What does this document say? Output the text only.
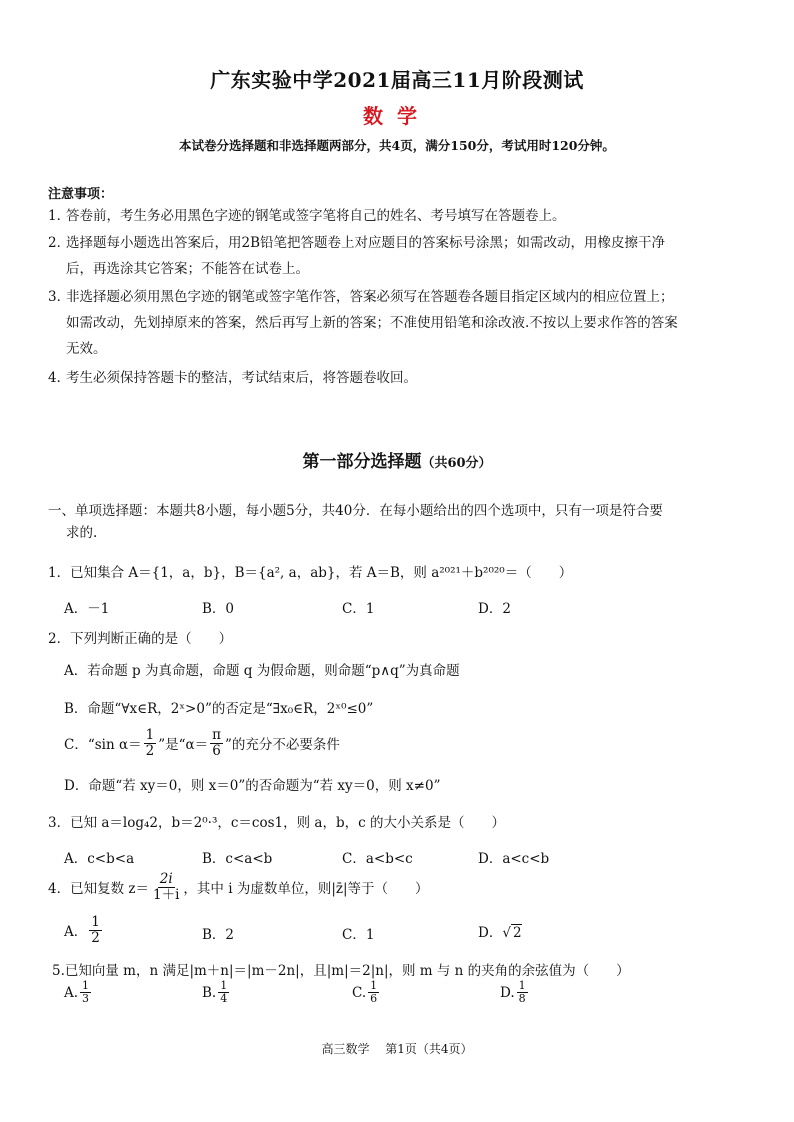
广东实验中学2021届高三11月阶段测试
数学
本试卷分选择题和非选择题两部分，共4页，满分150分，考试用时120分钟。
注意事项：
1．答卷前，考生务必用黑色字迹的钢笔或签字笔将自己的姓名、考号填写在答题卷上。
2．选择题每小题选出答案后，用2B铅笔把答题卷上对应题目的答案标号涂黑；如需改动，用橡皮擦干净
后，再选涂其它答案；不能答在试卷上。
3．非选择题必须用黑色字迹的钢笔或签字笔作答，答案必须写在答题卷各题目指定区域内的相应位置上；
如需改动，先划掉原来的答案，然后再写上新的答案；不准使用铅笔和涂改液.不按以上要求作答的答案
无效。
4．考生必须保持答题卡的整洁，考试结束后，将答题卷收回。
第一部分选择题（共60分）
一、单项选择题：本题共8小题，每小题5分，共40分．在每小题给出的四个选项中，只有一项是符合要
求的.
1．已知集合 A＝{1，a，b}，B＝{a², a，ab}，若 A＝B，则 a²⁰²¹＋b²⁰²⁰＝（　　）
A．－1	B．0	C．1	D．2
2．下列判断正确的是（　　）
A．若命题 p 为真命题，命题 q 为假命题，则命题“p∧q”为真命题
B．命题“∀x∈R，2ˣ>0”的否定是“∃x₀∈R，2ˣ⁰≤0”
C．“sin $\alpha= \frac{1}{2}$ ”是“$\alpha= \frac{\pi}{6}$ ”的充分不必要条件
D．命题“若 xy＝0，则 x＝0”的否命题为“若 xy＝0，则 x≠0”
3．已知 a＝log₄2，b＝2⁰·³，c＝cos1，则 a，b，c 的大小关系是（　　）
A．c<b<a	B．c<a<b	C．a<b<c	D．a<c<b
4．已知复数 $z= \frac{2i}{1+i}$ ，其中 i 为虚数单位，则|z̄|等于（　　）
A． $\frac{1}{2}$	B．2	C．1	D．√ 2
5.已知向量 m，n 满足|m＋n|＝|m－2n|，且|m|＝2|n|，则 m 与 n 的夹角的余弦值为（　　）
A. $\frac{1}{3}$	B. $\frac{1}{4}$	C. $\frac{1}{6}$	D. $\frac{1}{8}$
高三数学　 第1页（共4页）
